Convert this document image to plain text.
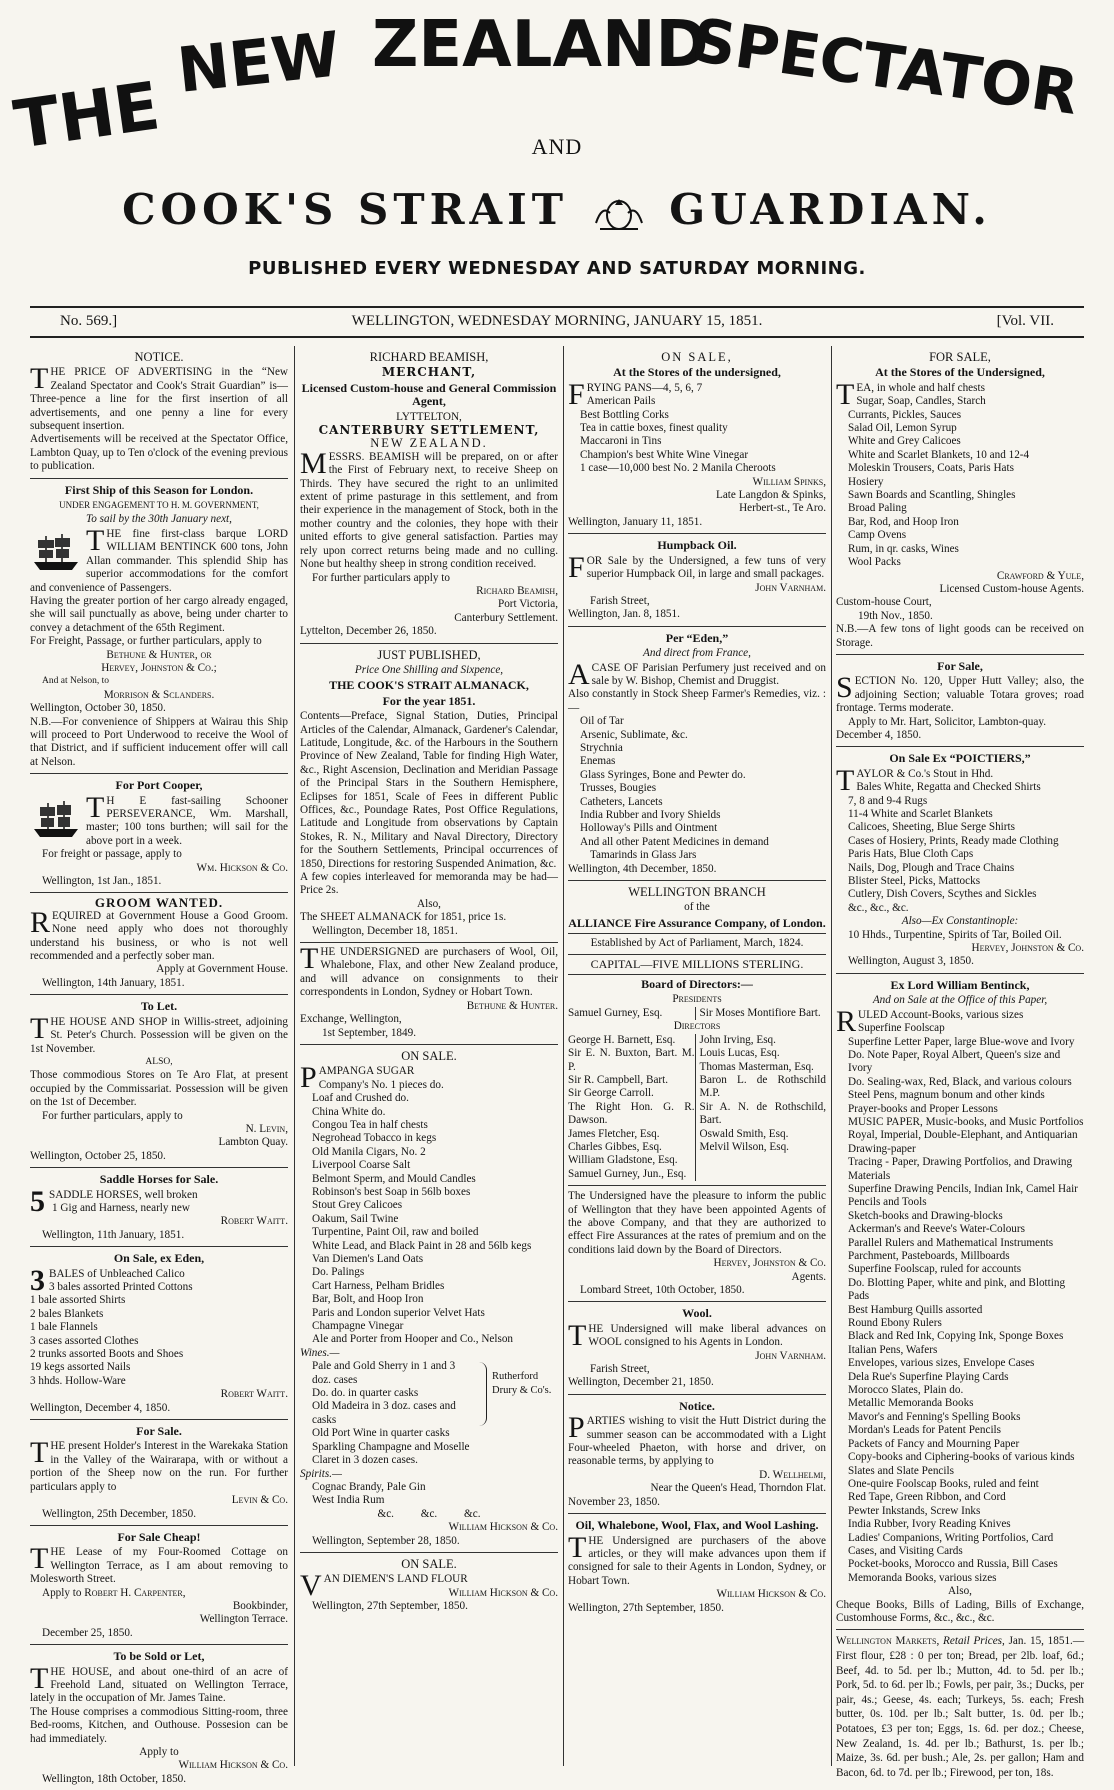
THE
NEW ZEALAND
SPECTATOR
AND
COOK'S STRAIT GUARDIAN.
PUBLISHED EVERY WEDNESDAY AND SATURDAY MORNING.
No. 569.]	WELLINGTON, WEDNESDAY MORNING, JANUARY 15, 1851.	[Vol. VII.
NOTICE.

THE PRICE OF ADVERTISING in the “New Zealand Spectator and Cook's Strait Guardian” is—Three-pence a line for the first insertion of all advertisements, and one penny a line for every subsequent insertion.

Advertisements will be received at the Spectator Office, Lambton Quay, up to Ten o'clock of the evening previous to publication.

First Ship of this Season for London.
UNDER ENGAGEMENT TO H. M. GOVERNMENT,
To sail by the 30th January next,

THE fine first-class barque LORD WILLIAM BENTINCK 600 tons, John Allan commander. This splendid Ship has superior accommodations for the comfort and convenience of Passengers.

Having the greater portion of her cargo already engaged, she will sail punctually as above, being under charter to convey a detachment of the 65th Regiment.

For Freight, Passage, or further particulars, apply to

Bethune & Hunter, or

Hervey, Johnston & Co.;

And at Nelson, to

Morrison & Sclanders.

Wellington, October 30, 1850.

N.B.—For convenience of Shippers at Wairau this Ship will proceed to Port Underwood to receive the Wool of that District, and if sufficient inducement offer will call at Nelson.

For Port Cooper,

T H E fast-sailing Schooner PERSEVERANCE, Wm. Marshall, master; 100 tons burthen; will sail for the above port in a week.

For freight or passage, apply to

Wm. Hickson & Co.

Wellington, 1st Jan., 1851.

GROOM WANTED.

REQUIRED at Government House a Good Groom. None need apply who does not thoroughly understand his business, or who is not well recommended and a perfectly sober man.

Apply at Government House.

Wellington, 14th January, 1851.

To Let.

THE HOUSE AND SHOP in Willis-street, adjoining St. Peter's Church. Possession will be given on the 1st November.

ALSO,

Those commodious Stores on Te Aro Flat, at present occupied by the Commissariat. Possession will be given on the 1st of December.

For further particulars, apply to

N. Levin,

Lambton Quay.

Wellington, October 25, 1850.

Saddle Horses for Sale.

5 SADDLE HORSES, well broken

1 Gig and Harness, nearly new

Robert Waitt.

Wellington, 11th January, 1851.

On Sale, ex Eden,

3 BALES of Unbleached Calico

3 bales assorted Printed Cottons

1 bale assorted Shirts

2 bales Blankets

1 bale Flannels

3 cases assorted Clothes

2 trunks assorted Boots and Shoes

19 kegs assorted Nails

3 hhds. Hollow-Ware

Robert Waitt.

Wellington, December 4, 1850.

For Sale.

THE present Holder's Interest in the Warekaka Station in the Valley of the Wairarapa, with or without a portion of the Sheep now on the run. For further particulars apply to

Levin & Co.

Wellington, 25th December, 1850.

For Sale Cheap!

THE Lease of my Four-Roomed Cottage on Wellington Terrace, as I am about removing to Molesworth Street.

Apply to Robert H. Carpenter,

Bookbinder,

Wellington Terrace.

December 25, 1850.

To be Sold or Let,

THE HOUSE, and about one-third of an acre of Freehold Land, situated on Wellington Terrace, lately in the occupation of Mr. James Taine.

The House comprises a commodious Sitting-room, three Bed-rooms, Kitchen, and Outhouse. Possesion can be had immediately.

Apply to

William Hickson & Co.

Wellington, 18th October, 1850.

RICHARD BEAMISH,
MERCHANT,
Licensed Custom-house and General Commission Agent,
LYTTELTON,
CANTERBURY SETTLEMENT,
NEW ZEALAND.

MESSRS. BEAMISH will be prepared, on or after the First of February next, to receive Sheep on Thirds. They have secured the right to an unlimited extent of prime pasturage in this settlement, and from their experience in the management of Stock, both in the mother country and the colonies, they hope with their united efforts to give general satisfaction. Parties may rely upon correct returns being made and no culling. None but healthy sheep in strong condition received.

For further particulars apply to

Richard Beamish,

Port Victoria,

Canterbury Settlement.

Lyttelton, December 26, 1850.

JUST PUBLISHED,
Price One Shilling and Sixpence,
THE COOK'S STRAIT ALMANACK,
For the year 1851.

Contents—Preface, Signal Station, Duties, Principal Articles of the Calendar, Almanack, Gardener's Calendar, Latitude, Longitude, &c. of the Harbours in the Southern Province of New Zealand, Table for finding High Water, &c., Right Ascension, Declination and Meridian Passage of the Principal Stars in the Southern Hemisphere, Eclipses for 1851, Scale of Fees in different Public Offices, &c., Poundage Rates, Post Office Regulations, Latitude and Longitude from observations by Captain Stokes, R. N., Military and Naval Directory, Directory for the Southern Settlements, Principal occurrences of 1850, Directions for restoring Suspended Animation, &c.

A few copies interleaved for memoranda may be had—Price 2s.

Also,

The SHEET ALMANACK for 1851, price 1s.

Wellington, December 18, 1851.

THE UNDERSIGNED are purchasers of Wool, Oil, Whalebone, Flax, and other New Zealand produce, and will advance on consignments to their correspondents in London, Sydney or Hobart Town.

Bethune & Hunter.

Exchange, Wellington,

1st September, 1849.

ON SALE.

PAMPANGA SUGAR

Company's No. 1 pieces do.

Loaf and Crushed do.

China White do.

Congou Tea in half chests

Negrohead Tobacco in kegs

Old Manila Cigars, No. 2

Liverpool Coarse Salt

Belmont Sperm, and Mould Candles

Robinson's best Soap in 56lb boxes

Stout Grey Calicoes

Oakum, Sail Twine

Turpentine, Paint Oil, raw and boiled

White Lead, and Black Paint in 28 and 56lb kegs

Van Diemen's Land Oats

Do. Palings

Cart Harness, Pelham Bridles

Bar, Bolt, and Hoop Iron

Paris and London superior Velvet Hats

Champagne Vinegar

Ale and Porter from Hooper and Co., Nelson

Wines.—

Pale and Gold Sherry in 1 and 3 doz. cases

Do. do. in quarter casks

Old Madeira in 3 doz. cases and casks

Old Port Wine in quarter casks

Sparkling Champagne and Moselle

Claret in 3 dozen cases.

Rutherford Drury & Co's.

Spirits.—

Cognac Brandy, Pale Gin

West India Rum

&c. &c. &c.

William Hickson & Co.

Wellington, September 28, 1850.

ON SALE.

VAN DIEMEN'S LAND FLOUR

William Hickson & Co.

Wellington, 27th September, 1850.

ON SALE,
At the Stores of the undersigned,

FRYING PANS—4, 5, 6, 7

American Pails

Best Bottling Corks

Tea in cattie boxes, finest quality

Maccaroni in Tins

Champion's best White Wine Vinegar

1 case—10,000 best No. 2 Manila Cheroots

William Spinks,

Late Langdon & Spinks,

Herbert-st., Te Aro.

Wellington, January 11, 1851.

Humpback Oil.

FOR Sale by the Undersigned, a few tuns of very superior Humpback Oil, in large and small packages.

John Varnham.

Farish Street,

Wellington, Jan. 8, 1851.

Per “Eden,”
And direct from France,

ACASE OF Parisian Perfumery just received and on sale by W. Bishop, Chemist and Druggist.

Also constantly in Stock Sheep Farmer's Remedies, viz. :—

Oil of Tar

Arsenic, Sublimate, &c.

Strychnia

Enemas

Glass Syringes, Bone and Pewter do.

Trusses, Bougies

Catheters, Lancets

India Rubber and Ivory Shields

Holloway's Pills and Ointment

And all other Patent Medicines in demand

Tamarinds in Glass Jars

Wellington, 4th December, 1850.

WELLINGTON BRANCH
of the
ALLIANCE Fire Assurance Company, of London.

Established by Act of Parliament, March, 1824.

CAPITAL—FIVE MILLIONS STERLING.

Board of Directors:—

Presidents

Samuel Gurney, Esq.	Sir Moses Montifiore Bart.

Directors

George H. Barnett, Esq.

Sir E. N. Buxton, Bart. M. P.

Sir R. Campbell, Bart.

Sir George Carroll.

The Right Hon. G. R. Dawson.

James Fletcher, Esq.

Charles Gibbes, Esq.

William Gladstone, Esq.

Samuel Gurney, Jun., Esq.

John Irving, Esq.

Louis Lucas, Esq.

Thomas Masterman, Esq.

Baron L. de Rothschild M.P.

Sir A. N. de Rothschild, Bart.

Oswald Smith, Esq.

Melvil Wilson, Esq.

The Undersigned have the pleasure to inform the public of Wellington that they have been appointed Agents of the above Company, and that they are authorized to effect Fire Assurances at the rates of premium and on the conditions laid down by the Board of Directors.

Hervey, Johnston & Co.

Agents.

Lombard Street, 10th October, 1850.

Wool.

THE Undersigned will make liberal advances on WOOL consigned to his Agents in London.

John Varnham.

Farish Street,

Wellington, December 21, 1850.

Notice.

PARTIES wishing to visit the Hutt District during the summer season can be accommodated with a Light Four-wheeled Phaeton, with horse and driver, on reasonable terms, by applying to

D. Wellhelmi,

Near the Queen's Head, Thorndon Flat.

November 23, 1850.

Oil, Whalebone, Wool, Flax, and Wool Lashing.

THE Undersigned are purchasers of the above articles, or they will make advances upon them if consigned for sale to their Agents in London, Sydney, or Hobart Town.

William Hickson & Co.

Wellington, 27th September, 1850.

FOR SALE,
At the Stores of the Undersigned,

TEA, in whole and half chests

Sugar, Soap, Candles, Starch

Currants, Pickles, Sauces

Salad Oil, Lemon Syrup

White and Grey Calicoes

White and Scarlet Blankets, 10 and 12-4

Moleskin Trousers, Coats, Paris Hats

Hosiery

Sawn Boards and Scantling, Shingles

Broad Paling

Bar, Rod, and Hoop Iron

Camp Ovens

Rum, in qr. casks, Wines

Wool Packs

Crawford & Yule,

Licensed Custom-house Agents.

Custom-house Court,

19th Nov., 1850.

N.B.—A few tons of light goods can be received on Storage.

For Sale,

SECTION No. 120, Upper Hutt Valley; also, the adjoining Section; valuable Totara groves; road frontage. Terms moderate.

Apply to Mr. Hart, Solicitor, Lambton-quay.

December 4, 1850.

On Sale Ex “POICTIERS,”

TAYLOR & Co.'s Stout in Hhd.

Bales White, Regatta and Checked Shirts

7, 8 and 9-4 Rugs

11-4 White and Scarlet Blankets

Calicoes, Sheeting, Blue Serge Shirts

Cases of Hosiery, Prints, Ready made Clothing

Paris Hats, Blue Cloth Caps

Nails, Dog, Plough and Trace Chains

Blister Steel, Picks, Mattocks

Cutlery, Dish Covers, Scythes and Sickles

&c., &c., &c.

Also—Ex Constantinople:

10 Hhds., Turpentine, Spirits of Tar, Boiled Oil.

Hervey, Johnston & Co.

Wellington, August 3, 1850.

Ex Lord William Bentinck,
And on Sale at the Office of this Paper,

RULED Account-Books, various sizes

Superfine Foolscap

Superfine Letter Paper, large Blue-wove and Ivory

Do. Note Paper, Royal Albert, Queen's size and Ivory

Do. Sealing-wax, Red, Black, and various colours

Steel Pens, magnum bonum and other kinds

Prayer-books and Proper Lessons

MUSIC PAPER, Music-books, and Music Portfolios

Royal, Imperial, Double-Elephant, and Antiquarian Drawing-paper

Tracing - Paper, Drawing Portfolios, and Drawing Materials

Superfine Drawing Pencils, Indian Ink, Camel Hair Pencils and Tools

Sketch-books and Drawing-blocks

Ackerman's and Reeve's Water-Colours

Parallel Rulers and Mathematical Instruments

Parchment, Pasteboards, Millboards

Superfine Foolscap, ruled for accounts

Do. Blotting Paper, white and pink, and Blotting Pads

Best Hamburg Quills assorted

Round Ebony Rulers

Black and Red Ink, Copying Ink, Sponge Boxes Italian Pens, Wafers

Envelopes, various sizes, Envelope Cases

Dela Rue's Superfine Playing Cards

Morocco Slates, Plain do.

Metallic Memoranda Books

Mavor's and Fenning's Spelling Books

Mordan's Leads for Patent Pencils

Packets of Fancy and Mourning Paper

Copy-books and Ciphering-books of various kinds

Slates and Slate Pencils

One-quire Foolscap Books, ruled and feint

Red Tape, Green Ribbon, and Cord

Pewter Inkstands, Screw Inks

India Rubber, Ivory Reading Knives

Ladies' Companions, Writing Portfolios, Card Cases, and Visiting Cards

Pocket-books, Morocco and Russia, Bill Cases

Memoranda Books, various sizes

Also,

Cheque Books, Bills of Lading, Bills of Exchange, Customhouse Forms, &c., &c., &c.

Wellington Markets, Retail Prices, Jan. 15, 1851.—First flour, £28 : 0 per ton; Bread, per 2lb. loaf, 6d.; Beef, 4d. to 5d. per lb.; Mutton, 4d. to 5d. per lb.; Pork, 5d. to 6d. per lb.; Fowls, per pair, 3s.; Ducks, per pair, 4s.; Geese, 4s. each; Turkeys, 5s. each; Fresh butter, 0s. 10d. per lb.; Salt butter, 1s. 0d. per lb.; Potatoes, £3 per ton; Eggs, 1s. 6d. per doz.; Cheese, New Zealand, 1s. 4d. per lb.; Bathurst, 1s. per lb.; Maize, 3s. 6d. per bush.; Ale, 2s. per gallon; Ham and Bacon, 6d. to 7d. per lb.; Firewood, per ton, 18s.
